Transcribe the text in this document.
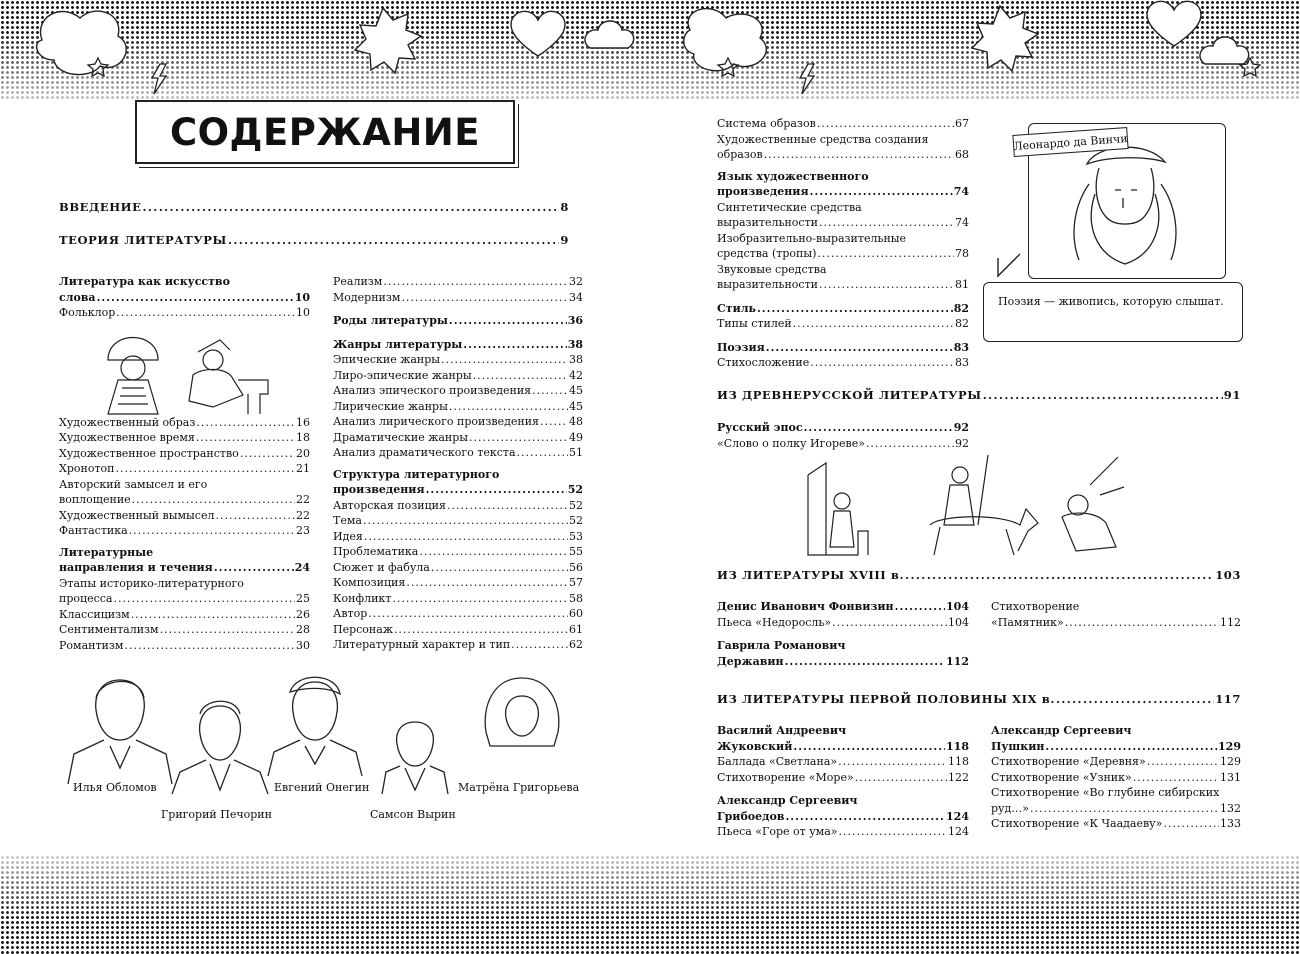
СОДЕРЖАНИЕ
ВВЕДЕНИЕ .....	8
ТЕОРИЯ ЛИТЕРАТУРЫ .....	9
Литература как искусство
слова .....	10
Фольклор .....	10
Художественный образ .....	16
Художественное время .....	18
Художественное пространство .....	20
Хронотоп .....	21
Авторский замысел и его
воплощение .....	22
Художественный вымысел .....	22
Фантастика .....	23
Литературные
направления и течения .....	24
Этапы историко-литературного
процесса .....	25
Классицизм .....	26
Сентиментализм .....	28
Романтизм .....	30
Реализм .....	32
Модернизм .....	34
Роды литературы .....	36
Жанры литературы .....	38
Эпические жанры .....	38
Лиро-эпические жанры .....	42
Анализ эпического произведения .....	45
Лирические жанры .....	45
Анализ лирического произведения .....	48
Драматические жанры .....	49
Анализ драматического текста .....	51
Структура литературного
произведения .....	52
Авторская позиция .....	52
Тема .....	52
Идея .....	53
Проблематика .....	55
Сюжет и фабула .....	56
Композиция .....	57
Конфликт .....	58
Автор .....	60
Персонаж .....	61
Литературный характер и тип .....	62
Илья Обломов
Григорий Печорин
Евгений Онегин
Самсон Вырин
Матрёна Григорьева
Система образов .....	67
Художественные средства создания
образов .....	68
Язык художественного
произведения .....	74
Синтетические средства
выразительности .....	74
Изобразительно-выразительные
средства (тропы) .....	78
Звуковые средства
выразительности .....	81
Стиль .....	82
Типы стилей .....	82
Поэзия .....	83
Стихосложение .....	83
Леонардо да Винчи
Поэзия — живопись, которую слышат.
ИЗ ДРЕВНЕРУССКОЙ ЛИТЕРАТУРЫ .....	91
Русский эпос .....	92
«Слово о полку Игореве» .....	92
ИЗ ЛИТЕРАТУРЫ XVIII в. .....	103
Денис Иванович Фонвизин .....	104
Пьеса «Недоросль» .....	104
Гаврила Романович
Державин .....	112
Стихотворение
«Памятник» .....	112
ИЗ ЛИТЕРАТУРЫ ПЕРВОЙ ПОЛОВИНЫ XIX в. .....	117
Василий Андреевич
Жуковский .....	118
Баллада «Светлана» .....	118
Стихотворение «Море» .....	122
Александр Сергеевич
Грибоедов .....	124
Пьеса «Горе от ума» .....	124
Александр Сергеевич
Пушкин .....	129
Стихотворение «Деревня» .....	129
Стихотворение «Узник» .....	131
Стихотворение «Во глубине сибирских
руд…» .....	132
Стихотворение «К Чаадаеву» .....	133
